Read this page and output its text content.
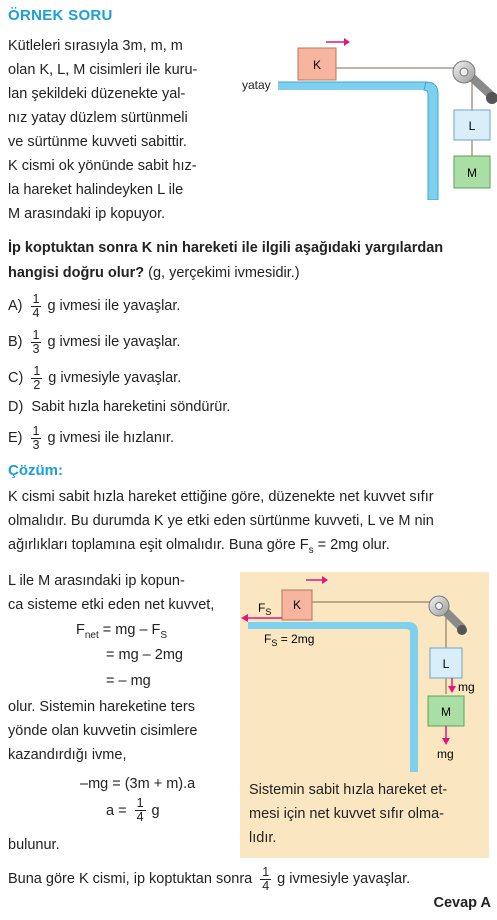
ÖRNEK SORU
Kütleleri sırasıyla 3m, m, m
olan K, L, M cisimleri ile kuru-
lan şekildeki düzenekte yal-
nız yatay düzlem sürtünmeli
ve sürtünme kuvveti sabittir.
K cismi ok yönünde sabit hız-
la hareket halindeyken L ile
M arasındaki ip kopuyor.
yatay
K
L
M
İp koptuktan sonra K nin hareketi ile ilgili aşağıdaki yargılardan hangisi doğru olur? (g, yerçekimi ivmesidir.)
$A) \frac{1}{4}$ g ivmesi ile yavaşlar.
$B) \frac{1}{3}$ g ivmesi ile yavaşlar.
$C) \frac{1}{2}$ g ivmesiyle yavaşlar.
D) Sabit hızla hareketini söndürür.
$E) \frac{1}{3}$ g ivmesi ile hızlanır.
Çözüm:
K cismi sabit hızla hareket ettiğine göre, düzenekte net kuvvet sıfır
olmalıdır. Bu durumda K ye etki eden sürtünme kuvveti, L ve M nin
ağırlıkları toplamına eşit olmalıdır. Buna göre $F_s = 2mg$ olur.
L ile M arasındaki ip kopun-
ca sisteme etki eden net kuvvet,
$F_{net}$ = mg – $F_S$
= mg – 2mg
= – mg
olur. Sistemin hareketine ters
yönde olan kuvvetin cisimlere
kazandırdığı ivme,
–mg = (3m + m).a
$a = \frac{1}{4}$ g
bulunur.
K
$F_S$
$F_S = 2mg$
L
mg
M
mg
Sistemin sabit hızla hareket et-
mesi için net kuvvet sıfır olma-
lıdır.
Buna göre K cismi, ip koptuktan sonra $\frac{1}{4}$ g ivmesiyle yavaşlar.
Cevap A
